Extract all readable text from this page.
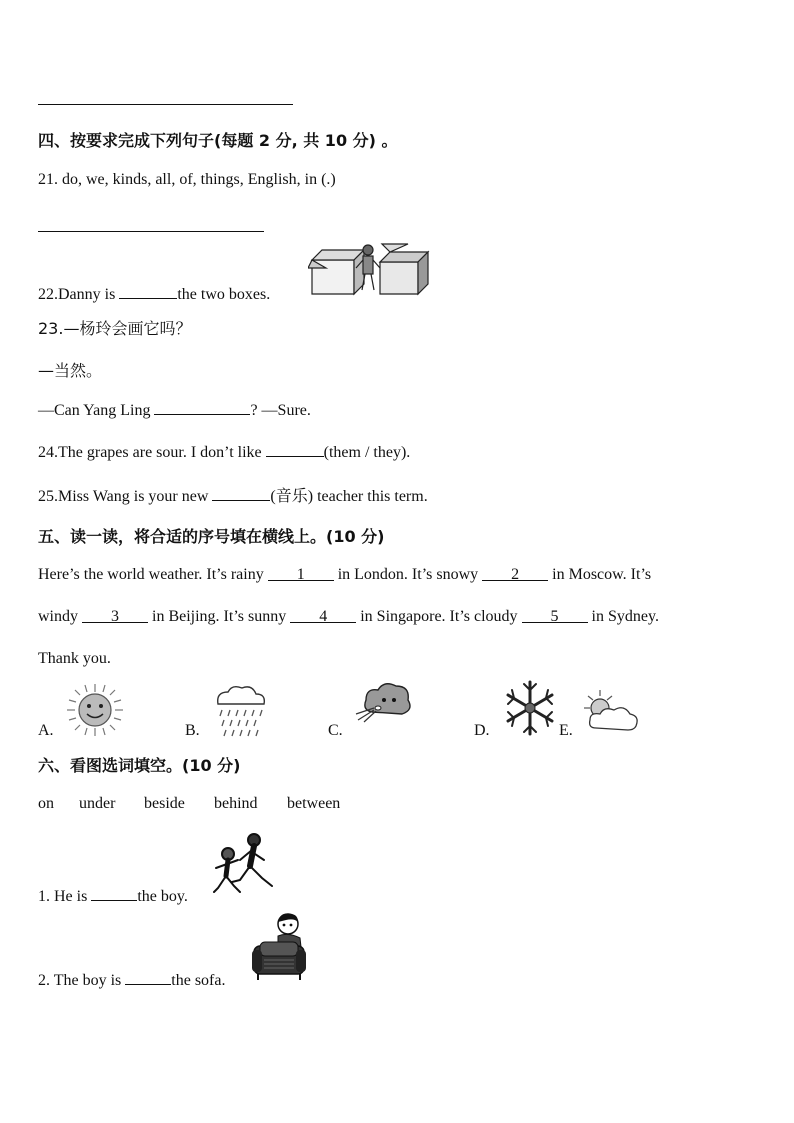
四、按要求完成下列句子(每题 2 分, 共 10 分) 。
21. do, we, kinds, all, of, things, English, in (.)
22.Danny is	the two boxes.
23.—杨玲会画它吗？
—当然。
—Can Yang Ling	? —Sure.
24.The grapes are sour. I don’t like	(them / they).
25.Miss Wang is your new	(音乐) teacher this term.
五、读一读，将合适的序号填在横线上。(10 分)
Here’s the world weather. It’s rainy 1 in London. It’s snowy 2 in Moscow. It’s
windy 3 in Beijing. It’s sunny 4 in Singapore. It’s cloudy 5 in Sydney.
Thank you.
A.	B.	C.	D.	E.
六、看图选词填空。(10 分)
on under beside behind between
1. He is	the boy.
2. The boy is	the sofa.
